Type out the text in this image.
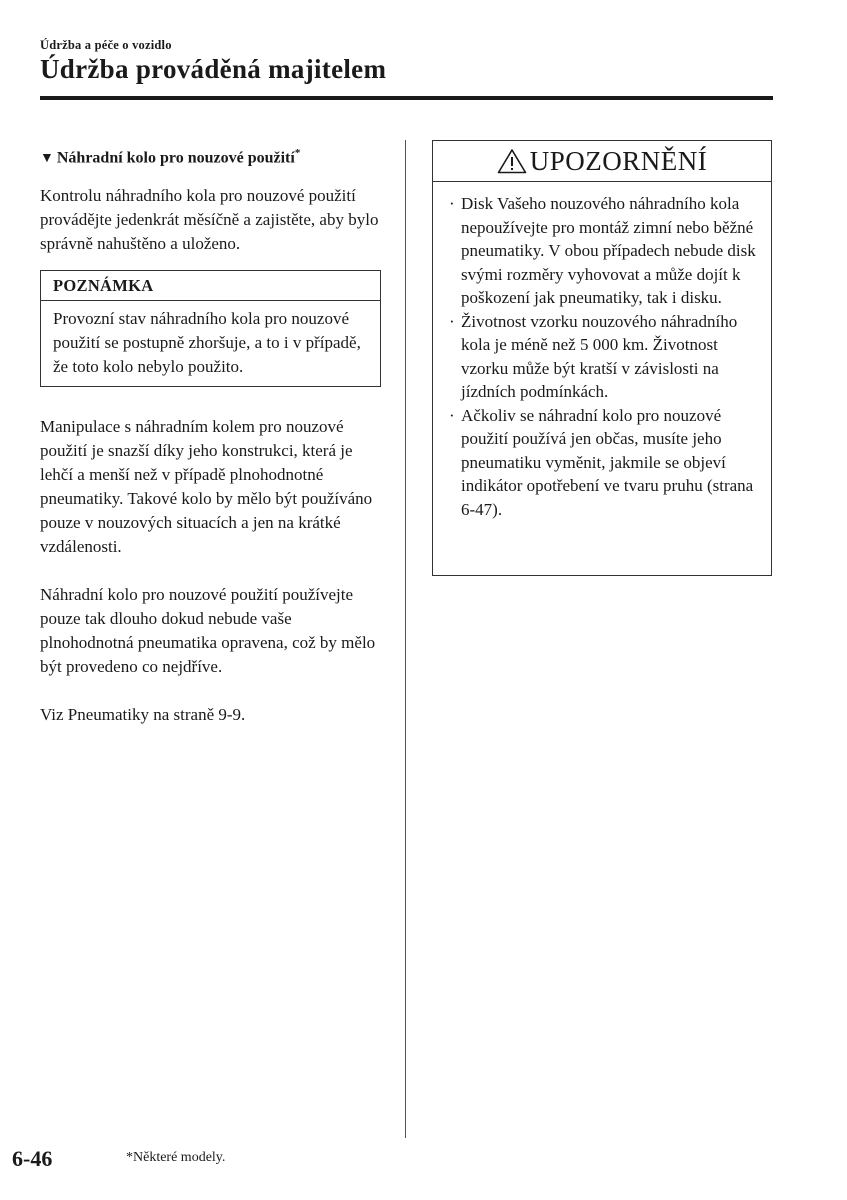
Údržba a péče o vozidlo
Údržba prováděná majitelem

▼ Náhradní kolo pro nouzové použití*

Kontrolu náhradního kola pro nouzové použití provádějte jedenkrát měsíčně a zajistěte, aby bylo správně nahuštěno a uloženo.

POZNÁMKA
Provozní stav náhradního kola pro nouzové použití se postupně zhoršuje, a to i v případě, že toto kolo nebylo použito.

Manipulace s náhradním kolem pro nouzové použití je snazší díky jeho konstrukci, která je lehčí a menší než v případě plnohodnotné pneumatiky. Takové kolo by mělo být používáno pouze v nouzových situacích a jen na krátké vzdálenosti.

Náhradní kolo pro nouzové použití používejte pouze tak dlouho dokud nebude vaše plnohodnotná pneumatika opravena, což by mělo být provedeno co nejdříve.

Viz Pneumatiky na straně 9-9.

UPOZORNĚNÍ
· Disk Vašeho nouzového náhradního kola nepoužívejte pro montáž zimní nebo běžné pneumatiky. V obou případech nebude disk svými rozměry vyhovovat a může dojít k poškození jak pneumatiky, tak i disku.
· Životnost vzorku nouzového náhradního kola je méně než 5 000 km. Životnost vzorku může být kratší v závislosti na jízdních podmínkách.
· Ačkoliv se náhradní kolo pro nouzové použití používá jen občas, musíte jeho pneumatiku vyměnit, jakmile se objeví indikátor opotřebení ve tvaru pruhu (strana 6-47).
6-46	*Některé modely.
